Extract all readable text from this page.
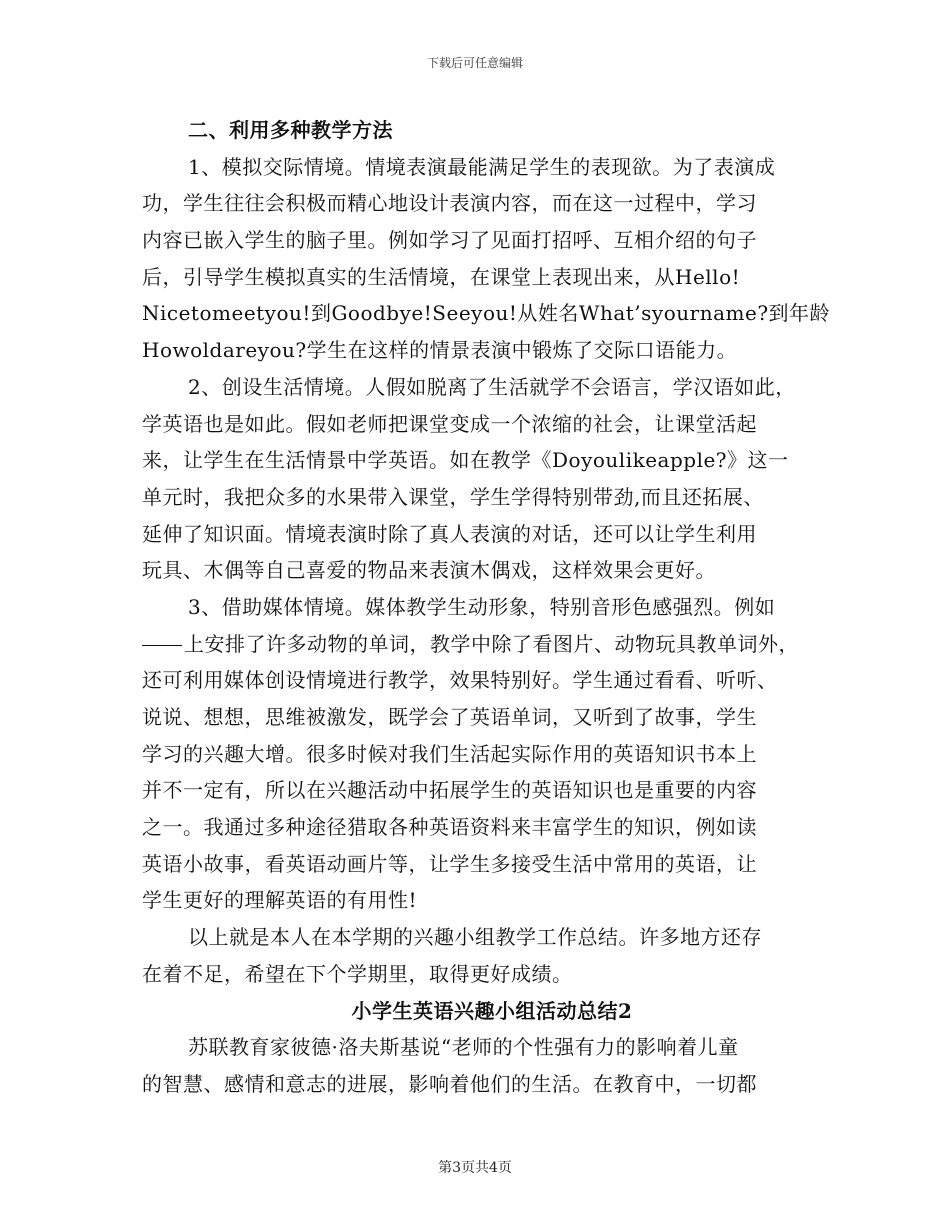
下载后可任意编辑
二、利用多种教学方法
1、模拟交际情境。情境表演最能满足学生的表现欲。为了表演成
功，学生往往会积极而精心地设计表演内容，而在这一过程中，学习
内容已嵌入学生的脑子里。例如学习了见面打招呼、互相介绍的句子
后，引导学生模拟真实的生活情境，在课堂上表现出来，从Hello!
Nicetomeetyou!到Goodbye!Seeyou!从姓名What’syourname?到年龄
Howoldareyou?学生在这样的情景表演中锻炼了交际口语能力。
2、创设生活情境。人假如脱离了生活就学不会语言，学汉语如此，
学英语也是如此。假如老师把课堂变成一个浓缩的社会，让课堂活起
来，让学生在生活情景中学英语。如在教学《Doyoulikeapple?》这一
单元时，我把众多的水果带入课堂，学生学得特别带劲,而且还拓展、
延伸了知识面。情境表演时除了真人表演的对话，还可以让学生利用
玩具、木偶等自己喜爱的物品来表演木偶戏，这样效果会更好。
3、借助媒体情境。媒体教学生动形象，特别音形色感强烈。例如
上安排了许多动物的单词，教学中除了看图片、动物玩具教单词外，
还可利用媒体创设情境进行教学，效果特别好。学生通过看看、听听、
说说、想想，思维被激发，既学会了英语单词，又听到了故事，学生
学习的兴趣大增。很多时候对我们生活起实际作用的英语知识书本上
并不一定有，所以在兴趣活动中拓展学生的英语知识也是重要的内容
之一。我通过多种途径猎取各种英语资料来丰富学生的知识，例如读
英语小故事，看英语动画片等，让学生多接受生活中常用的英语，让
学生更好的理解英语的有用性!
以上就是本人在本学期的兴趣小组教学工作总结。许多地方还存
在着不足，希望在下个学期里，取得更好成绩。
小学生英语兴趣小组活动总结2
苏联教育家彼德·洛夫斯基说“老师的个性强有力的影响着儿童
的智慧、感情和意志的进展，影响着他们的生活。在教育中，一切都
第3页共4页
